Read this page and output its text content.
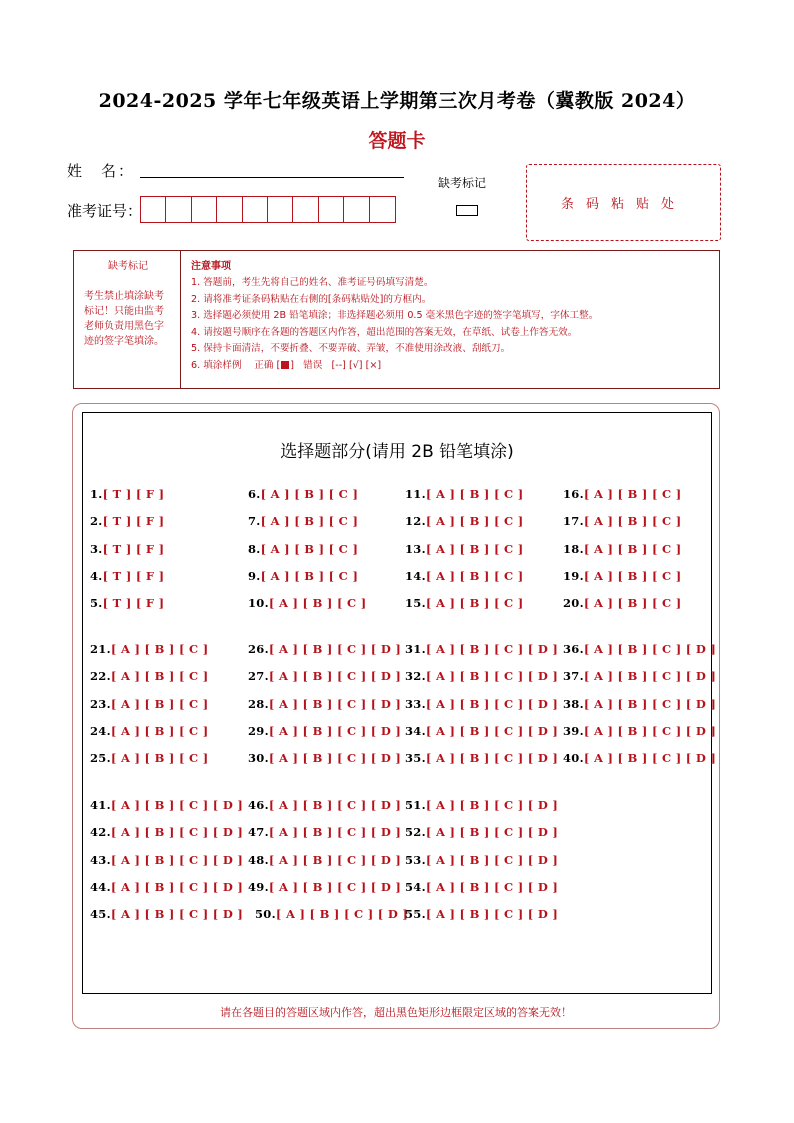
2024-2025 学年七年级英语上学期第三次月考卷（冀教版 2024）
答题卡
姓　名：
准考证号：
缺考标记
条码粘贴处
缺考标记
考生禁止填涂缺考标记！只能由监考老师负责用黑色字迹的签字笔填涂。
注意事项
1. 答题前，考生先将自己的姓名、准考证号码填写清楚。
2. 请将准考证条码粘贴在右侧的[条码粘贴处]的方框内。
3. 选择题必须使用 2B 铅笔填涂；非选择题必须用 0.5 毫米黑色字迹的签字笔填写，字体工整。
4. 请按题号顺序在各题的答题区内作答，超出范围的答案无效，在草纸、试卷上作答无效。
5. 保持卡面清洁，不要折叠、不要弄破、弄皱，不准使用涂改液、刮纸刀。
6. 填涂样例　 正确 [ ] 错误 [--] [√] [×]
选择题部分(请用 2B 铅笔填涂)
1.[ T ] [ F ]
2.[ T ] [ F ]
3.[ T ] [ F ]
4.[ T ] [ F ]
5.[ T ] [ F ]
6.[ A ] [ B ] [ C ]
7.[ A ] [ B ] [ C ]
8.[ A ] [ B ] [ C ]
9.[ A ] [ B ] [ C ]
10.[ A ] [ B ] [ C ]
11.[ A ] [ B ] [ C ]
12.[ A ] [ B ] [ C ]
13.[ A ] [ B ] [ C ]
14.[ A ] [ B ] [ C ]
15.[ A ] [ B ] [ C ]
16.[ A ] [ B ] [ C ]
17.[ A ] [ B ] [ C ]
18.[ A ] [ B ] [ C ]
19.[ A ] [ B ] [ C ]
20.[ A ] [ B ] [ C ]
21.[ A ] [ B ] [ C ]
22.[ A ] [ B ] [ C ]
23.[ A ] [ B ] [ C ]
24.[ A ] [ B ] [ C ]
25.[ A ] [ B ] [ C ]
26.[ A ] [ B ] [ C ] [ D ]
27.[ A ] [ B ] [ C ] [ D ]
28.[ A ] [ B ] [ C ] [ D ]
29.[ A ] [ B ] [ C ] [ D ]
30.[ A ] [ B ] [ C ] [ D ]
31.[ A ] [ B ] [ C ] [ D ]
32.[ A ] [ B ] [ C ] [ D ]
33.[ A ] [ B ] [ C ] [ D ]
34.[ A ] [ B ] [ C ] [ D ]
35.[ A ] [ B ] [ C ] [ D ]
36.[ A ] [ B ] [ C ] [ D ]
37.[ A ] [ B ] [ C ] [ D ]
38.[ A ] [ B ] [ C ] [ D ]
39.[ A ] [ B ] [ C ] [ D ]
40.[ A ] [ B ] [ C ] [ D ]
41.[ A ] [ B ] [ C ] [ D ]
42.[ A ] [ B ] [ C ] [ D ]
43.[ A ] [ B ] [ C ] [ D ]
44.[ A ] [ B ] [ C ] [ D ]
45.[ A ] [ B ] [ C ] [ D ]
46.[ A ] [ B ] [ C ] [ D ]
47.[ A ] [ B ] [ C ] [ D ]
48.[ A ] [ B ] [ C ] [ D ]
49.[ A ] [ B ] [ C ] [ D ]
50.[ A ] [ B ] [ C ] [ D ]
51.[ A ] [ B ] [ C ] [ D ]
52.[ A ] [ B ] [ C ] [ D ]
53.[ A ] [ B ] [ C ] [ D ]
54.[ A ] [ B ] [ C ] [ D ]
55.[ A ] [ B ] [ C ] [ D ]
请在各题目的答题区域内作答，超出黑色矩形边框限定区域的答案无效！
